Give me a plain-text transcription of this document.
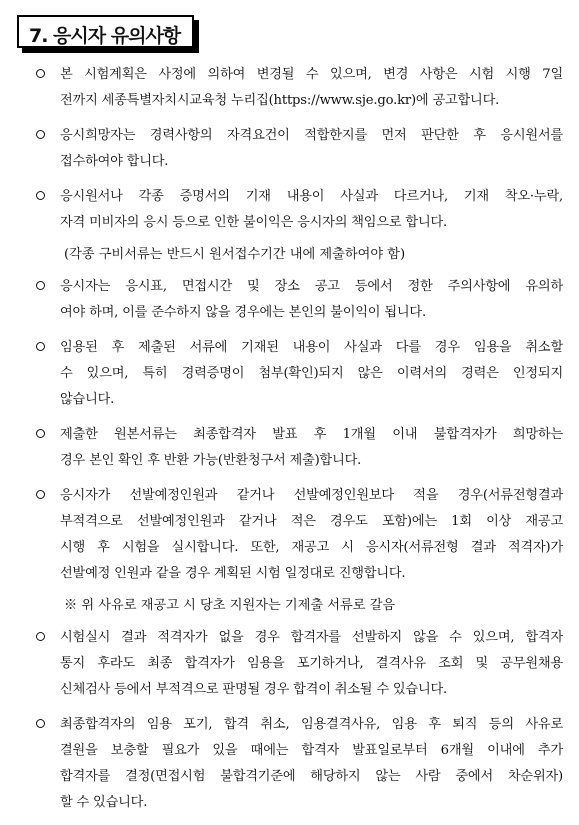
7. 응시자 유의사항
본 시험계획은 사정에 의하여 변경될 수 있으며, 변경 사항은 시험 시행 7일
전까지 세종특별자치시교육청 누리집(https://www.sje.go.kr)에 공고합니다.
응시희망자는 경력사항의 자격요건이 적합한지를 먼저 판단한 후 응시원서를
접수하여야 합니다.
응시원서나 각종 증명서의 기재 내용이 사실과 다르거나, 기재 착오·누락,
자격 미비자의 응시 등으로 인한 불이익은 응시자의 책임으로 합니다.
(각종 구비서류는 반드시 원서접수기간 내에 제출하여야 함)
응시자는 응시표, 면접시간 및 장소 공고 등에서 정한 주의사항에 유의하
여야 하며, 이를 준수하지 않을 경우에는 본인의 불이익이 됩니다.
임용된 후 제출된 서류에 기재된 내용이 사실과 다를 경우 임용을 취소할
수 있으며, 특히 경력증명이 첨부(확인)되지 않은 이력서의 경력은 인정되지
않습니다.
제출한 원본서류는 최종합격자 발표 후 1개월 이내 불합격자가 희망하는
경우 본인 확인 후 반환 가능(반환청구서 제출)합니다.
응시자가 선발예정인원과 같거나 선발예정인원보다 적을 경우(서류전형결과
부적격으로 선발예정인원과 같거나 적은 경우도 포함)에는 1회 이상 재공고
시행 후 시험을 실시합니다. 또한, 재공고 시 응시자(서류전형 결과 적격자)가
선발예정 인원과 같을 경우 계획된 시험 일정대로 진행합니다.
※ 위 사유로 재공고 시 당초 지원자는 기제출 서류로 갈음
시험실시 결과 적격자가 없을 경우 합격자를 선발하지 않을 수 있으며, 합격자
통지 후라도 최종 합격자가 임용을 포기하거나, 결격사유 조회 및 공무원채용
신체검사 등에서 부적격으로 판명될 경우 합격이 취소될 수 있습니다.
최종합격자의 임용 포기, 합격 취소, 임용결격사유, 임용 후 퇴직 등의 사유로
결원을 보충할 필요가 있을 때에는 합격자 발표일로부터 6개월 이내에 추가
합격자를 결정(면접시험 불합격기준에 해당하지 않는 사람 중에서 차순위자)
할 수 있습니다.
